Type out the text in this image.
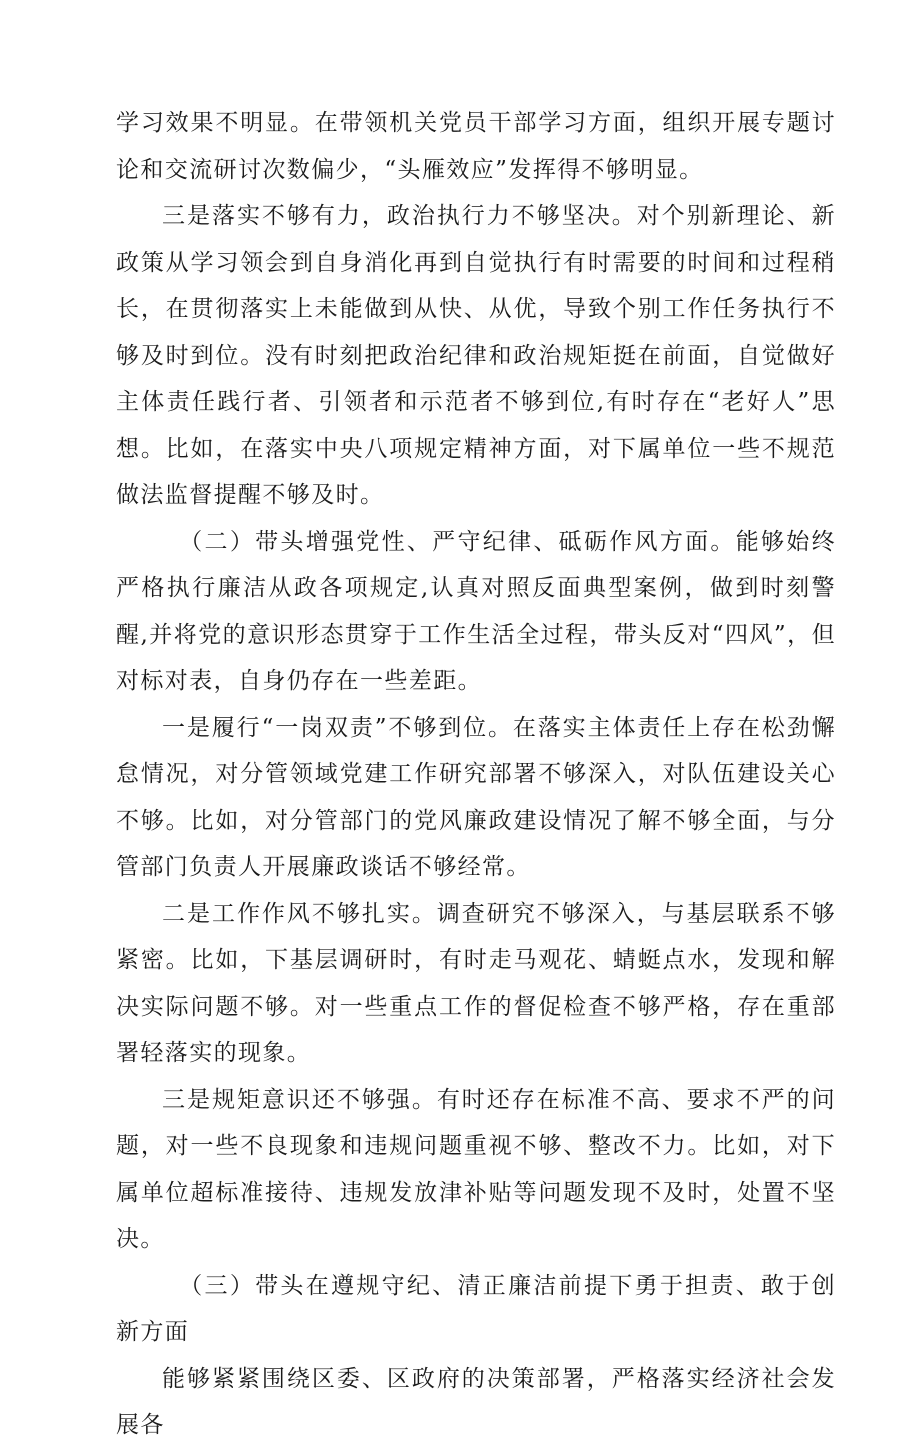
学习效果不明显。在带领机关党员干部学习方面，组织开展专题讨论和交流研讨次数偏少，“头雁效应”发挥得不够明显。

三是落实不够有力，政治执行力不够坚决。对个别新理论、新政策从学习领会到自身消化再到自觉执行有时需要的时间和过程稍长，在贯彻落实上未能做到从快、从优，导致个别工作任务执行不够及时到位。没有时刻把政治纪律和政治规矩挺在前面，自觉做好主体责任践行者、引领者和示范者不够到位,有时存在“老好人”思想。比如，在落实中央八项规定精神方面，对下属单位一些不规范做法监督提醒不够及时。

（二）带头增强党性、严守纪律、砥砺作风方面。能够始终严格执行廉洁从政各项规定,认真对照反面典型案例，做到时刻警醒,并将党的意识形态贯穿于工作生活全过程，带头反对“四风”，但对标对表，自身仍存在一些差距。

一是履行“一岗双责”不够到位。在落实主体责任上存在松劲懈怠情况，对分管领域党建工作研究部署不够深入，对队伍建设关心不够。比如，对分管部门的党风廉政建设情况了解不够全面，与分管部门负责人开展廉政谈话不够经常。

二是工作作风不够扎实。调查研究不够深入，与基层联系不够紧密。比如，下基层调研时，有时走马观花、蜻蜓点水，发现和解决实际问题不够。对一些重点工作的督促检查不够严格，存在重部署轻落实的现象。

三是规矩意识还不够强。有时还存在标准不高、要求不严的问题，对一些不良现象和违规问题重视不够、整改不力。比如，对下属单位超标准接待、违规发放津补贴等问题发现不及时，处置不坚决。

（三）带头在遵规守纪、清正廉洁前提下勇于担责、敢于创新方面

能够紧紧围绕区委、区政府的决策部署，严格落实经济社会发展各
